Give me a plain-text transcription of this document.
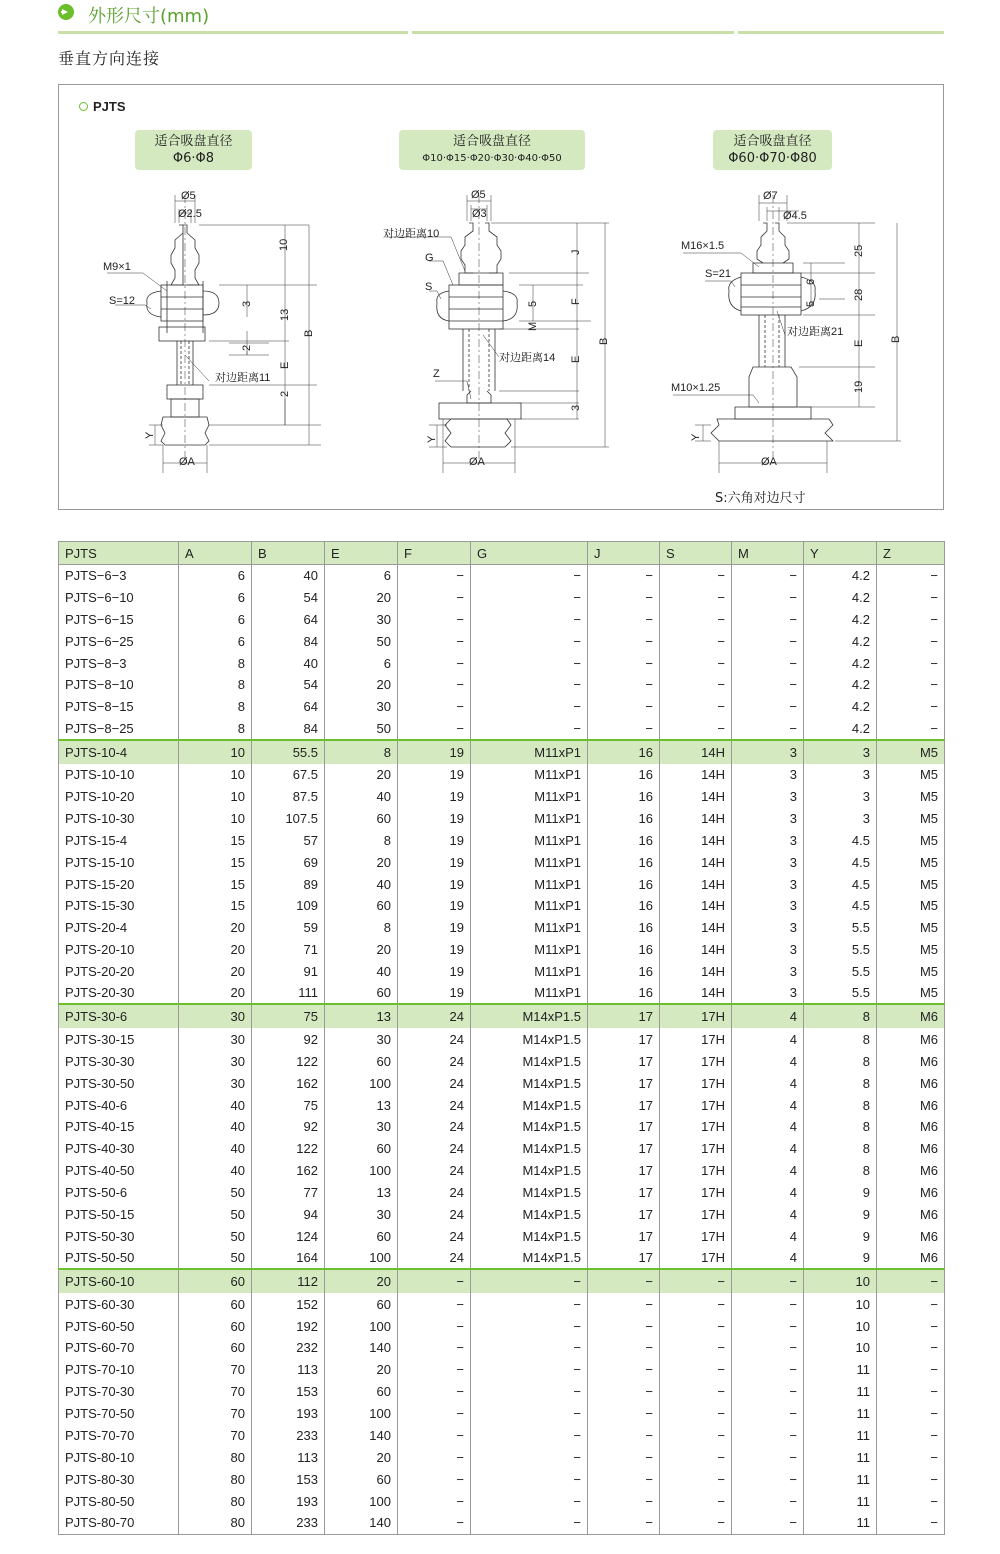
外形尺寸(mm)
垂直方向连接
PJTS
适合吸盘直径
Φ6·Φ8
适合吸盘直径
Φ10·Φ15·Φ20·Φ30·Φ40·Φ50
适合吸盘直径
Φ60·Φ70·Φ80
Ø5
Ø2.5
M9×1
S=12
10
3
13
2
E
2
B
Y
ØA
对边距离11
Ø5
Ø3
对边距离10
G
S
J
5	F
M
E
B
3
对边距离14
Z
Y
ØA
Ø7
Ø4.5
M16×1.5
S=21
25
6
28
5
E
B
对边距离21
19
M10×1.25
Y
ØA
S:六角对边尺寸
PJTS	A	B	E	F	G	J	S	M	Y	Z
PJTS−6−3	6	40	6	−	−	−	−	−	4.2	−
PJTS−6−10	6	54	20	−	−	−	−	−	4.2	−
PJTS−6−15	6	64	30	−	−	−	−	−	4.2	−
PJTS−6−25	6	84	50	−	−	−	−	−	4.2	−
PJTS−8−3	8	40	6	−	−	−	−	−	4.2	−
PJTS−8−10	8	54	20	−	−	−	−	−	4.2	−
PJTS−8−15	8	64	30	−	−	−	−	−	4.2	−
PJTS−8−25	8	84	50	−	−	−	−	−	4.2	−
PJTS-10-4	10	55.5	8	19	M11xP1	16	14H	3	3	M5
PJTS-10-10	10	67.5	20	19	M11xP1	16	14H	3	3	M5
PJTS-10-20	10	87.5	40	19	M11xP1	16	14H	3	3	M5
PJTS-10-30	10	107.5	60	19	M11xP1	16	14H	3	3	M5
PJTS-15-4	15	57	8	19	M11xP1	16	14H	3	4.5	M5
PJTS-15-10	15	69	20	19	M11xP1	16	14H	3	4.5	M5
PJTS-15-20	15	89	40	19	M11xP1	16	14H	3	4.5	M5
PJTS-15-30	15	109	60	19	M11xP1	16	14H	3	4.5	M5
PJTS-20-4	20	59	8	19	M11xP1	16	14H	3	5.5	M5
PJTS-20-10	20	71	20	19	M11xP1	16	14H	3	5.5	M5
PJTS-20-20	20	91	40	19	M11xP1	16	14H	3	5.5	M5
PJTS-20-30	20	111	60	19	M11xP1	16	14H	3	5.5	M5
PJTS-30-6	30	75	13	24	M14xP1.5	17	17H	4	8	M6
PJTS-30-15	30	92	30	24	M14xP1.5	17	17H	4	8	M6
PJTS-30-30	30	122	60	24	M14xP1.5	17	17H	4	8	M6
PJTS-30-50	30	162	100	24	M14xP1.5	17	17H	4	8	M6
PJTS-40-6	40	75	13	24	M14xP1.5	17	17H	4	8	M6
PJTS-40-15	40	92	30	24	M14xP1.5	17	17H	4	8	M6
PJTS-40-30	40	122	60	24	M14xP1.5	17	17H	4	8	M6
PJTS-40-50	40	162	100	24	M14xP1.5	17	17H	4	8	M6
PJTS-50-6	50	77	13	24	M14xP1.5	17	17H	4	9	M6
PJTS-50-15	50	94	30	24	M14xP1.5	17	17H	4	9	M6
PJTS-50-30	50	124	60	24	M14xP1.5	17	17H	4	9	M6
PJTS-50-50	50	164	100	24	M14xP1.5	17	17H	4	9	M6
PJTS-60-10	60	112	20	−	−	−	−	−	10	−
PJTS-60-30	60	152	60	−	−	−	−	−	10	−
PJTS-60-50	60	192	100	−	−	−	−	−	10	−
PJTS-60-70	60	232	140	−	−	−	−	−	10	−
PJTS-70-10	70	113	20	−	−	−	−	−	11	−
PJTS-70-30	70	153	60	−	−	−	−	−	11	−
PJTS-70-50	70	193	100	−	−	−	−	−	11	−
PJTS-70-70	70	233	140	−	−	−	−	−	11	−
PJTS-80-10	80	113	20	−	−	−	−	−	11	−
PJTS-80-30	80	153	60	−	−	−	−	−	11	−
PJTS-80-50	80	193	100	−	−	−	−	−	11	−
PJTS-80-70	80	233	140	−	−	−	−	−	11	−
